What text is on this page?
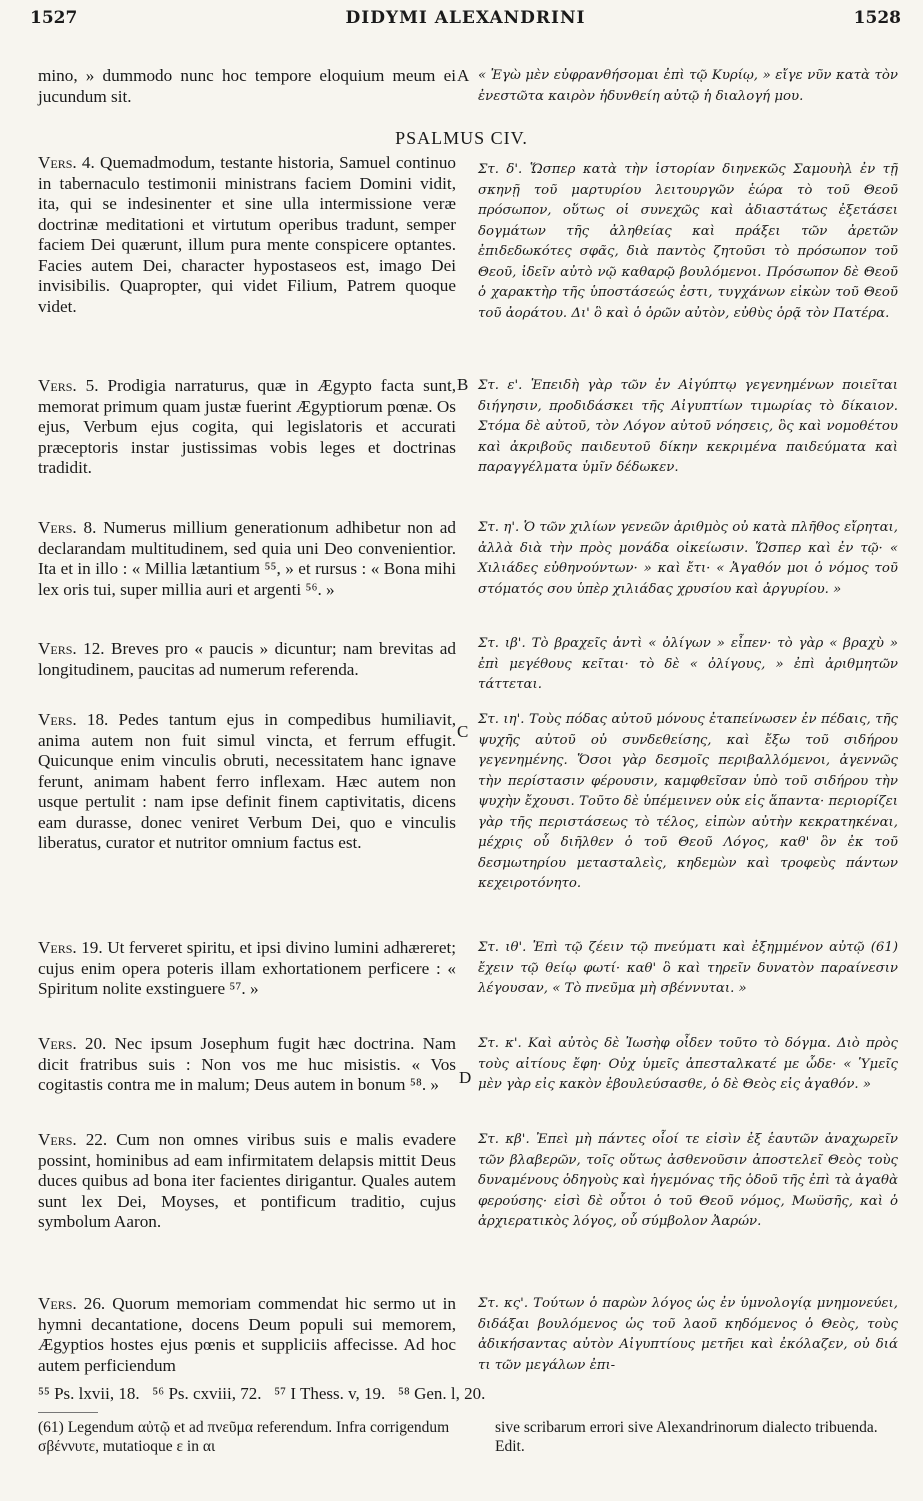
1527	DIDYMI ALEXANDRINI	1528

mino, » dummodo nunc hoc tempore eloquium meum ei jucundum sit.

Vers. 4. Quemadmodum, testante historia, Samuel continuo in tabernaculo testimonii ministrans faciem Domini vidit, ita, qui se indesinenter et sine ulla intermissione veræ doctrinæ meditationi et virtutum operibus tradunt, semper faciem Dei quærunt, illum pura mente conspicere optantes. Facies autem Dei, character hypostaseos est, imago Dei invisibilis. Quapropter, qui videt Filium, Patrem quoque videt.

Vers. 5. Prodigia narraturus, quæ in Ægypto facta sunt, memorat primum quam justæ fuerint Ægyptiorum pœnæ. Os ejus, Verbum ejus cogita, qui legislatoris et accurati præceptoris instar justissimas vobis leges et doctrinas tradidit.

Vers. 8. Numerus millium generationum adhibetur non ad declarandam multitudinem, sed quia uni Deo convenientior. Ita et in illo : « Millia lætantium ⁵⁵, » et rursus : « Bona mihi lex oris tui, super millia auri et argenti ⁵⁶. »

Vers. 12. Breves pro « paucis » dicuntur; nam brevitas ad longitudinem, paucitas ad numerum referenda.

Vers. 18. Pedes tantum ejus in compedibus humiliavit, anima autem non fuit simul vincta, et ferrum effugit. Quicunque enim vinculis obruti, necessitatem hanc ignave ferunt, animam habent ferro inflexam. Hæc autem non usque pertulit : nam ipse definit finem captivitatis, dicens eam durasse, donec veniret Verbum Dei, quo e vinculis liberatus, curator et nutritor omnium factus est.

Vers. 19. Ut ferveret spiritu, et ipsi divino lumini adhæreret; cujus enim opera poteris illam exhortationem perficere : « Spiritum nolite exstinguere ⁵⁷. »

Vers. 20. Nec ipsum Josephum fugit hæc doctrina. Nam dicit fratribus suis : Non vos me huc misistis. « Vos cogitastis contra me in malum; Deus autem in bonum ⁵⁸. »

Vers. 22. Cum non omnes viribus suis e malis evadere possint, hominibus ad eam infirmitatem delapsis mittit Deus duces quibus ad bona iter facientes dirigantur. Quales autem sunt lex Dei, Moyses, et pontificum traditio, cujus symbolum Aaron.

Vers. 26. Quorum memoriam commendat hic sermo ut in hymni decantatione, docens Deum populi sui memorem, Ægyptios hostes ejus pœnis et suppliciis affecisse. Ad hoc autem perficiendum

PSALMUS CIV.
A
B
C
D

« Ἐγὼ μὲν εὐφρανθήσομαι ἐπὶ τῷ Κυρίῳ, » εἴγε νῦν κατὰ τὸν ἐνεστῶτα καιρὸν ἡδυνθείη αὐτῷ ἡ διαλογή μου.

Στ. δ'. Ὥσπερ κατὰ τὴν ἱστορίαν διηνεκῶς Σαμουὴλ ἐν τῇ σκηνῇ τοῦ μαρτυρίου λειτουργῶν ἑώρα τὸ τοῦ Θεοῦ πρόσωπον, οὕτως οἱ συνεχῶς καὶ ἀδιαστάτως ἐξετάσει δογμάτων τῆς ἀληθείας καὶ πράξει τῶν ἀρετῶν ἐπιδεδωκότες σφᾶς, διὰ παντὸς ζητοῦσι τὸ πρόσωπον τοῦ Θεοῦ, ἰδεῖν αὐτὸ νῷ καθαρῷ βουλόμενοι. Πρόσωπον δὲ Θεοῦ ὁ χαρακτὴρ τῆς ὑποστάσεώς ἐστι, τυγχάνων εἰκὼν τοῦ Θεοῦ τοῦ ἀοράτου. Δι' ὃ καὶ ὁ ὁρῶν αὐτὸν, εὐθὺς ὁρᾷ τὸν Πατέρα.

Στ. ε'. Ἐπειδὴ γὰρ τῶν ἐν Αἰγύπτῳ γεγενημένων ποιεῖται διήγησιν, προδιδάσκει τῆς Αἰγυπτίων τιμωρίας τὸ δίκαιον. Στόμα δὲ αὐτοῦ, τὸν Λόγον αὐτοῦ νόησεις, ὃς καὶ νομοθέτου καὶ ἀκριβοῦς παιδευτοῦ δίκην κεκριμένα παιδεύματα καὶ παραγγέλματα ὑμῖν δέδωκεν.

Στ. η'. Ὁ τῶν χιλίων γενεῶν ἀριθμὸς οὐ κατὰ πλῆθος εἴρηται, ἀλλὰ διὰ τὴν πρὸς μονάδα οἰκείωσιν. Ὥσπερ καὶ ἐν τῷ· « Χιλιάδες εὐθηνούντων· » καὶ ἔτι· « Ἀγαθόν μοι ὁ νόμος τοῦ στόματός σου ὑπὲρ χιλιάδας χρυσίου καὶ ἀργυρίου. »

Στ. ιβ'. Τὸ βραχεῖς ἀντὶ « ὀλίγων » εἶπεν· τὸ γὰρ « βραχὺ » ἐπὶ μεγέθους κεῖται· τὸ δὲ « ὀλίγους, » ἐπὶ ἀριθμητῶν τάττεται.

Στ. ιη'. Τοὺς πόδας αὐτοῦ μόνους ἐταπείνωσεν ἐν πέδαις, τῆς ψυχῆς αὐτοῦ οὐ συνδεθείσης, καὶ ἔξω τοῦ σιδήρου γεγενημένης. Ὅσοι γὰρ δεσμοῖς περιβαλλόμενοι, ἀγεννῶς τὴν περίστασιν φέρουσιν, καμφθεῖσαν ὑπὸ τοῦ σιδήρου τὴν ψυχὴν ἔχουσι. Τοῦτο δὲ ὑπέμεινεν οὐκ εἰς ἅπαντα· περιορίζει γὰρ τῆς περιστάσεως τὸ τέλος, εἰπὼν αὐτὴν κεκρατηκέναι, μέχρις οὗ διῆλθεν ὁ τοῦ Θεοῦ Λόγος, καθ' ὃν ἐκ τοῦ δεσμωτηρίου μετασταλεὶς, κηδεμὼν καὶ τροφεὺς πάντων κεχειροτόνητο.

Στ. ιθ'. Ἐπὶ τῷ ζέειν τῷ πνεύματι καὶ ἐξημμένον αὐτῷ (61) ἔχειν τῷ θείῳ φωτί· καθ' ὃ καὶ τηρεῖν δυνατὸν παραίνεσιν λέγουσαν, « Τὸ πνεῦμα μὴ σβέννυται. »

Στ. κ'. Καὶ αὐτὸς δὲ Ἰωσὴφ οἶδεν τοῦτο τὸ δόγμα. Διὸ πρὸς τοὺς αἰτίους ἔφη· Οὐχ ὑμεῖς ἀπεσταλκατέ με ὧδε· « Ὑμεῖς μὲν γὰρ εἰς κακὸν ἐβουλεύσασθε, ὁ δὲ Θεὸς εἰς ἀγαθόν. »

Στ. κβ'. Ἐπεὶ μὴ πάντες οἷοί τε εἰσὶν ἐξ ἑαυτῶν ἀναχωρεῖν τῶν βλαβερῶν, τοῖς οὕτως ἀσθενοῦσιν ἀποστελεῖ Θεὸς τοὺς δυναμένους ὁδηγοὺς καὶ ἡγεμόνας τῆς ὁδοῦ τῆς ἐπὶ τὰ ἀγαθὰ φερούσης· εἰσὶ δὲ οὗτοι ὁ τοῦ Θεοῦ νόμος, Μωϋσῆς, καὶ ὁ ἀρχιερατικὸς λόγος, οὗ σύμβολον Ἀαρών.

Στ. κς'. Τούτων ὁ παρὼν λόγος ὡς ἐν ὑμνολογίᾳ μνημονεύει, διδάξαι βουλόμενος ὡς τοῦ λαοῦ κηδόμενος ὁ Θεὸς, τοὺς ἀδικήσαντας αὐτὸν Αἰγυπτίους μετῆει καὶ ἐκόλαζεν, οὐ διά τι τῶν μεγάλων ἐπι-

⁵⁵ Ps. lxvii, 18.   ⁵⁶ Ps. cxviii, 72.   ⁵⁷ I Thess. v, 19.   ⁵⁸ Gen. l, 20.
(61) Legendum αὐτῷ et ad πνεῦμα referendum. Infra corrigendum σβέννυτε, mutatioque ε in αι
sive scribarum errori sive Alexandrinorum dialecto tribuenda. Edit.
